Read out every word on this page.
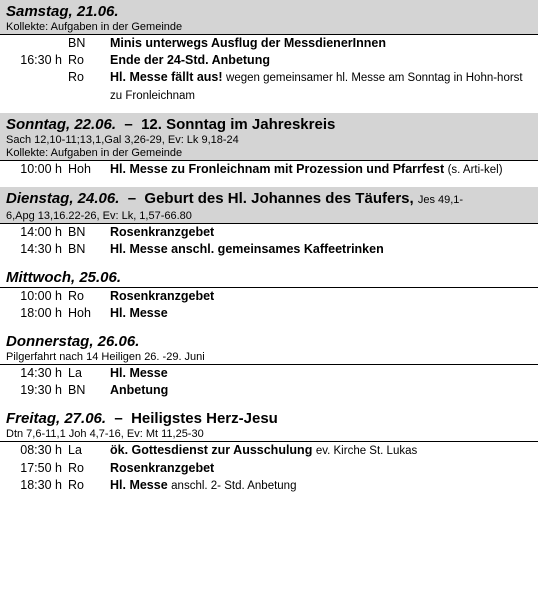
Samstag, 21.06.
Kollekte: Aufgaben in der Gemeinde
BN	Minis unterwegs Ausflug der MessdienerInnen
16:30 h Ro	Ende der 24-Std. Anbetung
Ro	Hl. Messe fällt aus! wegen gemeinsamer hl. Messe am Sonntag in Hohn-horst zu Fronleichnam
Sonntag, 22.06.  –  12. Sonntag im Jahreskreis
Sach 12,10-11;13,1,Gal 3,26-29, Ev: Lk 9,18-24
Kollekte: Aufgaben in der Gemeinde
10:00 h Hoh	Hl. Messe zu Fronleichnam mit Prozession und Pfarrfest (s. Arti-kel)
Dienstag, 24.06.  –  Geburt des Hl. Johannes des Täufers, Jes 49,1-
6,Apg 13,16.22-26, Ev: Lk, 1,57-66.80
14:00 h BN	Rosenkranzgebet
14:30 h BN	Hl. Messe anschl. gemeinsames Kaffeetrinken
Mittwoch, 25.06.
10:00 h Ro	Rosenkranzgebet
18:00 h Hoh	Hl. Messe
Donnerstag, 26.06.
Pilgerfahrt nach 14 Heiligen 26. -29. Juni
14:30 h La	Hl. Messe
19:30 h BN	Anbetung
Freitag, 27.06.  –  Heiligstes Herz-Jesu
Dtn 7,6-11,1 Joh 4,7-16, Ev: Mt 11,25-30
08:30 h La	ök. Gottesdienst zur Ausschulung ev. Kirche St. Lukas
17:50 h Ro	Rosenkranzgebet
18:30 h Ro	Hl. Messe anschl. 2- Std. Anbetung
